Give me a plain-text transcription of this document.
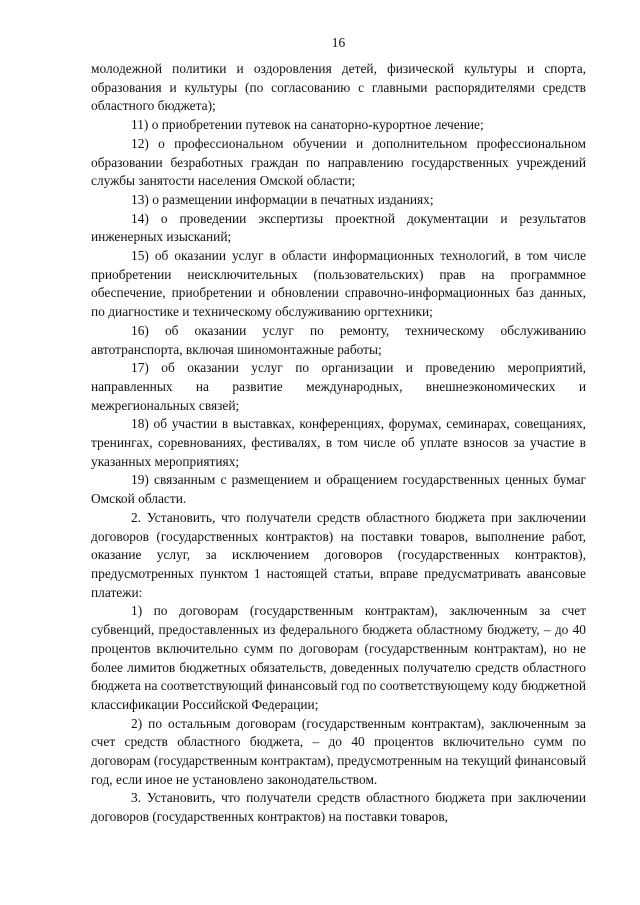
16

молодежной политики и оздоровления детей, физической культуры и спорта, образования и культуры (по согласованию с главными распорядителями средств областного бюджета);

11) о приобретении путевок на санаторно-курортное лечение;

12) о профессиональном обучении и дополнительном профессиональном образовании безработных граждан по направлению государственных учреждений службы занятости населения Омской области;

13) о размещении информации в печатных изданиях;

14) о проведении экспертизы проектной документации и результатов инженерных изысканий;

15) об оказании услуг в области информационных технологий, в том числе приобретении неисключительных (пользовательских) прав на программное обеспечение, приобретении и обновлении справочно-информационных баз данных, по диагностике и техническому обслуживанию оргтехники;

16) об оказании услуг по ремонту, техническому обслуживанию автотранспорта, включая шиномонтажные работы;

17) об оказании услуг по организации и проведению мероприятий, направленных на развитие международных, внешнеэкономических и межрегиональных связей;

18) об участии в выставках, конференциях, форумах, семинарах, совещаниях, тренингах, соревнованиях, фестивалях, в том числе об уплате взносов за участие в указанных мероприятиях;

19) связанным с размещением и обращением государственных ценных бумаг Омской области.

2. Установить, что получатели средств областного бюджета при заключении договоров (государственных контрактов) на поставки товаров, выполнение работ, оказание услуг, за исключением договоров (государственных контрактов), предусмотренных пунктом 1 настоящей статьи, вправе предусматривать авансовые платежи:

1) по договорам (государственным контрактам), заключенным за счет субвенций, предоставленных из федерального бюджета областному бюджету, – до 40 процентов включительно сумм по договорам (государственным контрактам), но не более лимитов бюджетных обязательств, доведенных получателю средств областного бюджета на соответствующий финансовый год по соответствующему коду бюджетной классификации Российской Федерации;

2) по остальным договорам (государственным контрактам), заключенным за счет средств областного бюджета, – до 40 процентов включительно сумм по договорам (государственным контрактам), предусмотренным на текущий финансовый год, если иное не установлено законодательством.

3. Установить, что получатели средств областного бюджета при заключении договоров (государственных контрактов) на поставки товаров,
